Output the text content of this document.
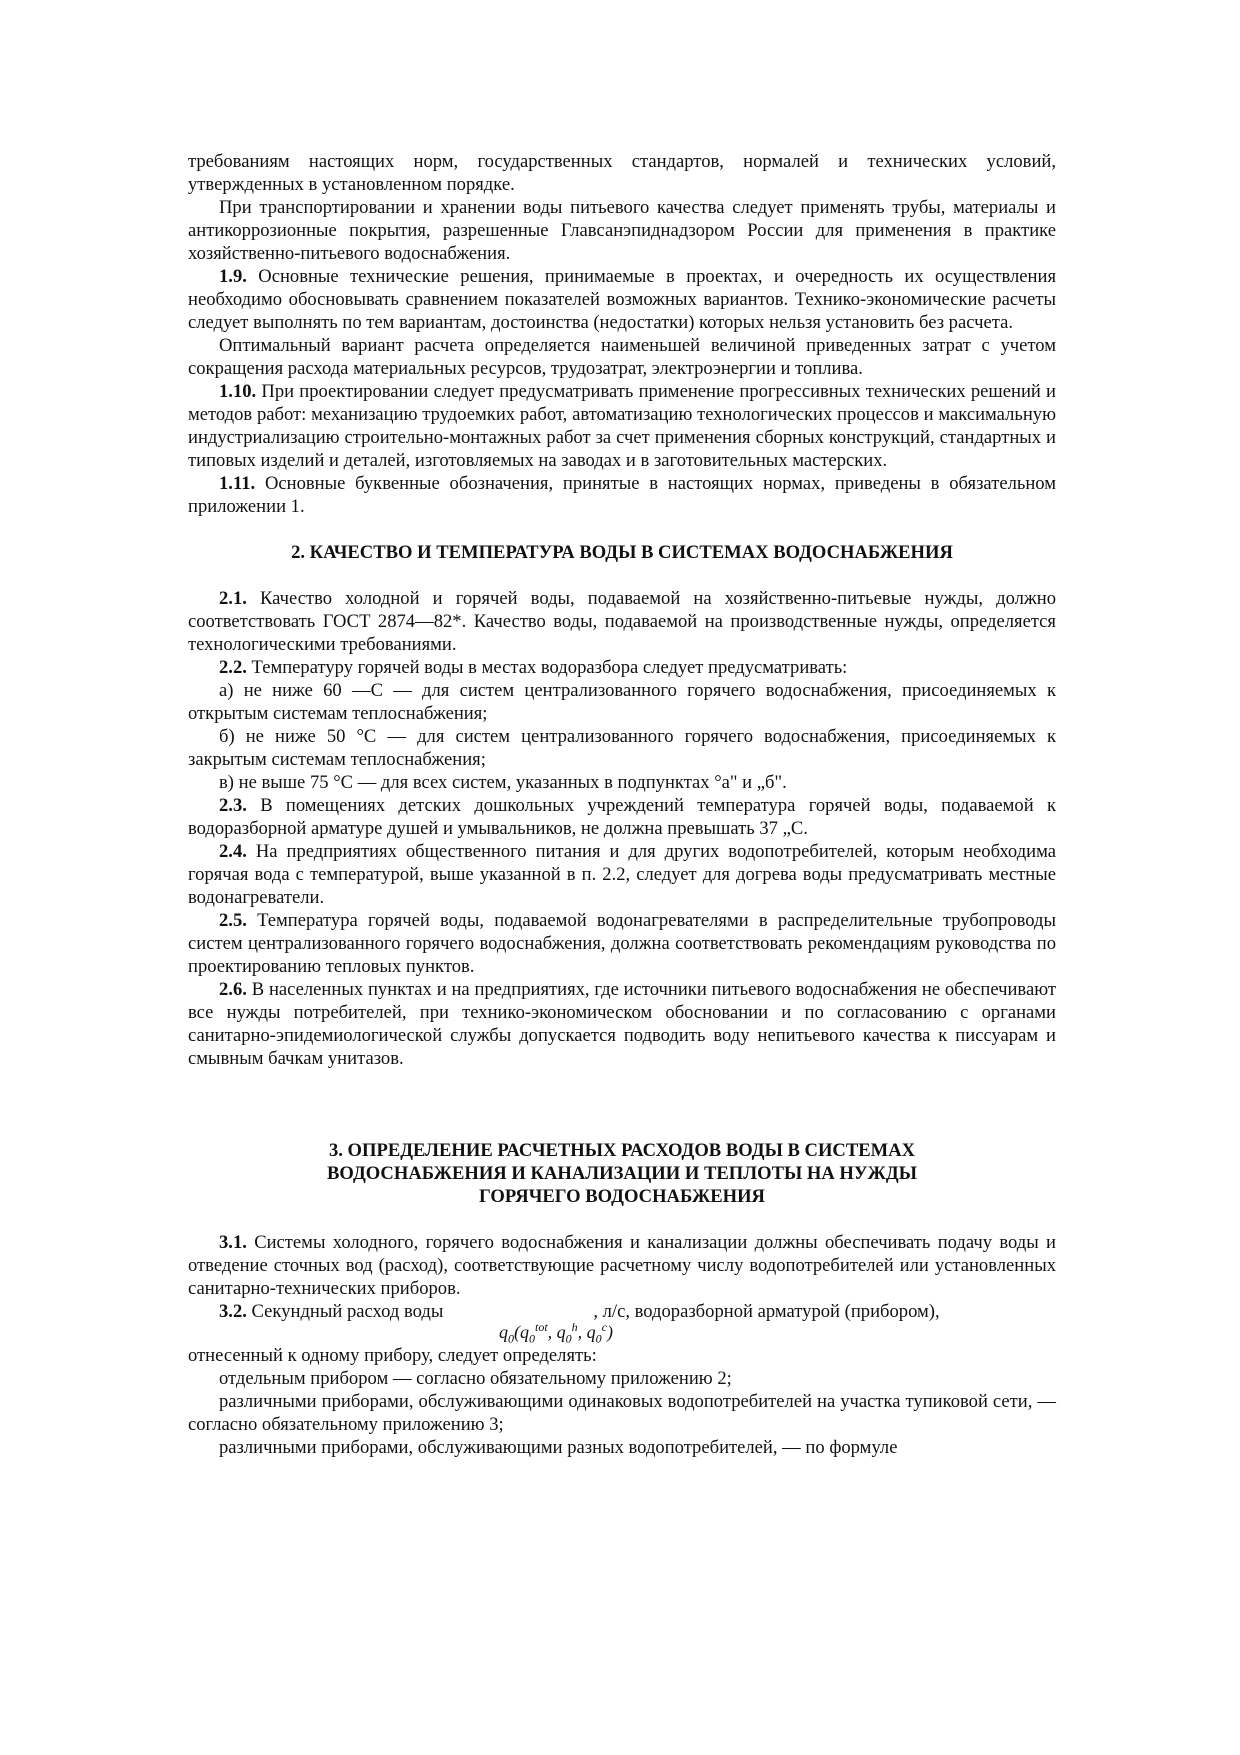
требованиям настоящих норм, государственных стандартов, нормалей и технических условий, утвержденных в установленном порядке.

При транспортировании и хранении воды питьевого качества следует применять трубы, материалы и антикоррозионные покрытия, разрешенные Главсанэпиднадзором России для применения в практике хозяйственно-питьевого водоснабжения.

1.9. Основные технические решения, принимаемые в проектах, и очередность их осуществления необходимо обосновывать сравнением показателей возможных вариантов. Технико-экономические расчеты следует выполнять по тем вариантам, достоинства (недостатки) которых нельзя установить без расчета.

Оптимальный вариант расчета определяется наименьшей величиной приведенных затрат с учетом сокращения расхода материальных ресурсов, трудозатрат, электроэнергии и топлива.

1.10. При проектировании следует предусматривать применение прогрессивных технических решений и методов работ: механизацию трудоемких работ, автоматизацию технологических процессов и максимальную индустриализацию строительно-монтажных работ за счет применения сборных конструкций, стандартных и типовых изделий и деталей, изготовляемых на заводах и в заготовительных мастерских.

1.11. Основные буквенные обозначения, принятые в настоящих нормах, приведены в обязательном приложении 1.

2. КАЧЕСТВО И ТЕМПЕРАТУРА ВОДЫ В СИСТЕМАХ ВОДОСНАБЖЕНИЯ

2.1. Качество холодной и горячей воды, подаваемой на хозяйственно-питьевые нужды, должно соответствовать ГОСТ 2874—82*. Качество воды, подаваемой на производственные нужды, определяется технологическими требованиями.

2.2. Температуру горячей воды в местах водоразбора следует предусматривать:

а) не ниже 60 —С — для систем централизованного горячего водоснабжения, присоединяемых к открытым системам теплоснабжения;

б) не ниже 50 °С — для систем централизованного горячего водоснабжения, присоединяемых к закрытым системам теплоснабжения;

в) не выше 75 °С — для всех систем, указанных в подпунктах °а" и „б".

2.3. В помещениях детских дошкольных учреждений температура горячей воды, подаваемой к водоразборной арматуре душей и умывальников, не должна превышать 37 „С.

2.4. На предприятиях общественного питания и для других водопотребителей, которым необходима горячая вода с температурой, выше указанной в п. 2.2, следует для догрева воды предусматривать местные водонагреватели.

2.5. Температура горячей воды, подаваемой водонагревателями в распределительные трубопроводы систем централизованного горячего водоснабжения, должна соответствовать рекомендациям руководства по проектированию тепловых пунктов.

2.6. В населенных пунктах и на предприятиях, где источники питьевого водоснабжения не обеспечивают все нужды потребителей, при технико-экономическом обосновании и по согласованию с органами санитарно-эпидемиологической службы допускается подводить воду непитьевого качества к писсуарам и смывным бачкам унитазов.

3. ОПРЕДЕЛЕНИЕ РАСЧЕТНЫХ РАСХОДОВ ВОДЫ В СИСТЕМАХ
ВОДОСНАБЖЕНИЯ И КАНАЛИЗАЦИИ И ТЕПЛОТЫ НА НУЖДЫ
ГОРЯЧЕГО ВОДОСНАБЖЕНИЯ

3.1. Системы холодного, горячего водоснабжения и канализации должны обеспечивать подачу воды и отведение сточных вод (расход), соответствующие расчетному числу водопотребителей или установленных санитарно-технических приборов.

3.2. Секундный расход воды	, л/с, водоразборной арматурой (прибором),
$q_0(q_0^{tot}$, $q_0^h$, $q_0^c$)

отнесенный к одному прибору, следует определять:

отдельным прибором — согласно обязательному приложению 2;

различными приборами, обслуживающими одинаковых водопотребителей на участка тупиковой сети, — согласно обязательному приложению 3;

различными приборами, обслуживающими разных водопотребителей, — по формуле
